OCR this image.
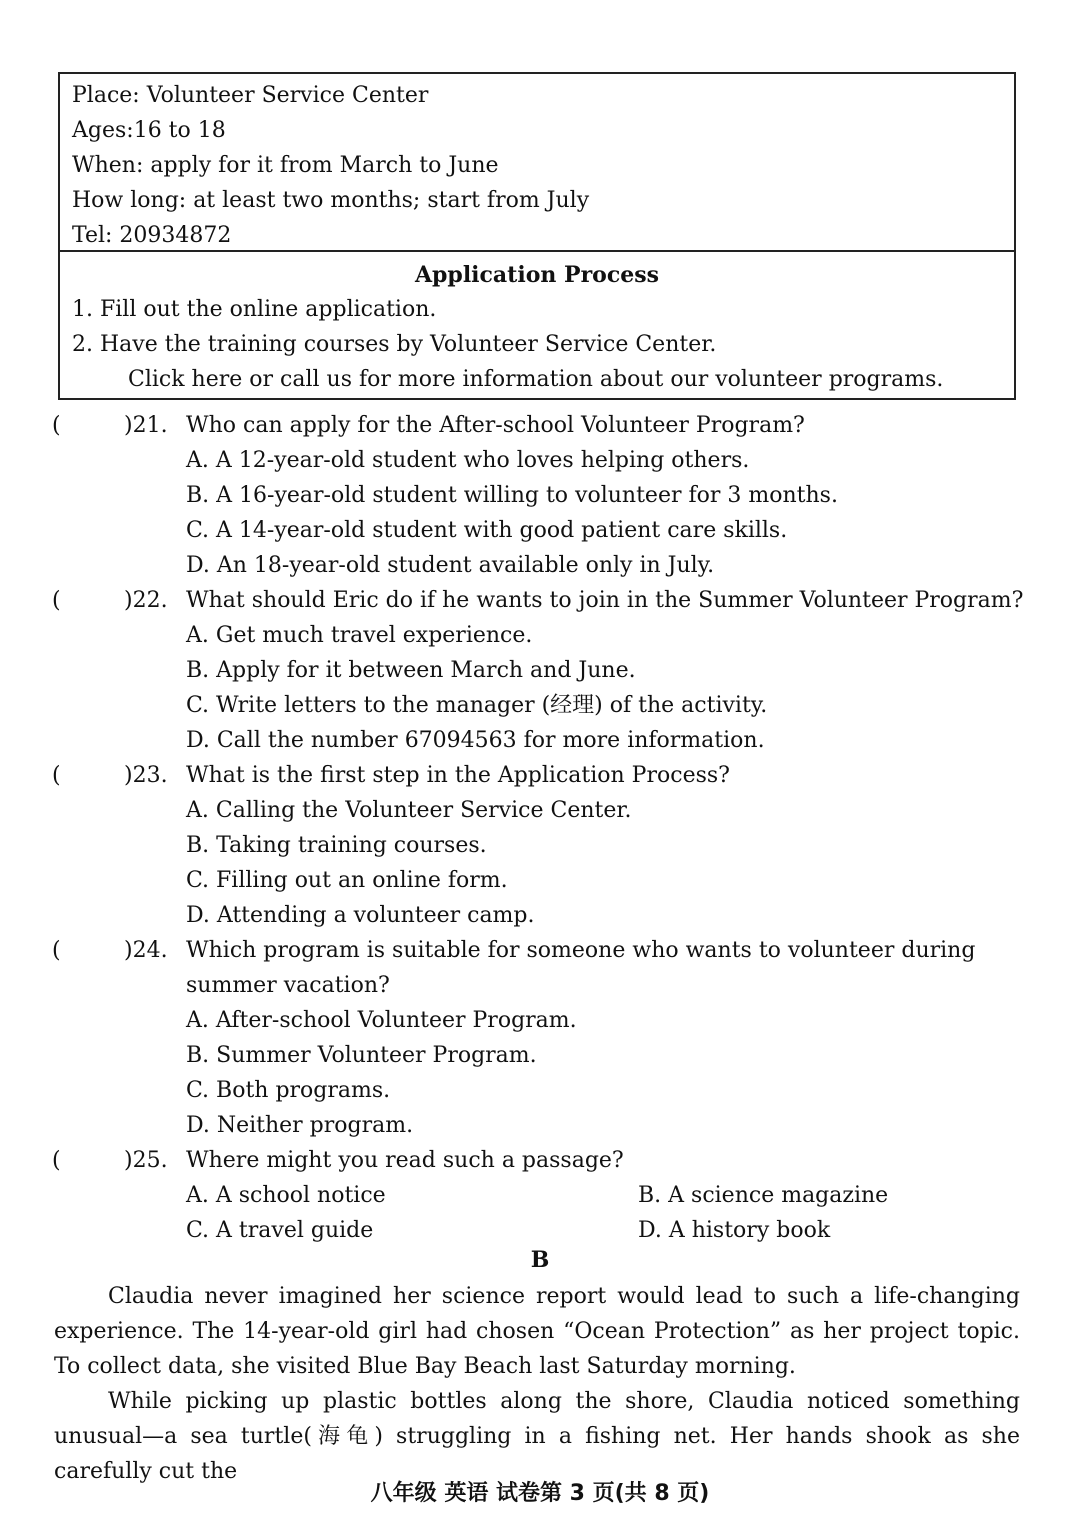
Place: Volunteer Service Center
Ages:16 to 18
When: apply for it from March to June
How long: at least two months; start from July
Tel: 20934872
Application Process
1. Fill out the online application.
2. Have the training courses by Volunteer Service Center.
Click here or call us for more information about our volunteer programs.
(	)21. Who can apply for the After-school Volunteer Program?
A. A 12-year-old student who loves helping others.
B. A 16-year-old student willing to volunteer for 3 months.
C. A 14-year-old student with good patient care skills.
D. An 18-year-old student available only in July.
(	)22. What should Eric do if he wants to join in the Summer Volunteer Program?
A. Get much travel experience.
B. Apply for it between March and June.
C. Write letters to the manager (经理) of the activity.
D. Call the number 67094563 for more information.
(	)23. What is the first step in the Application Process?
A. Calling the Volunteer Service Center.
B. Taking training courses.
C. Filling out an online form.
D. Attending a volunteer camp.
(	)24. Which program is suitable for someone who wants to volunteer during summer vacation?
A. After-school Volunteer Program.
B. Summer Volunteer Program.
C. Both programs.
D. Neither program.
(	)25. Where might you read such a passage?
A. A school notice	B. A science magazine
C. A travel guide	D. A history book
B

Claudia never imagined her science report would lead to such a life-changing experience. The 14-year-old girl had chosen “Ocean Protection” as her project topic. To collect data, she visited Blue Bay Beach last Saturday morning.

While picking up plastic bottles along the shore, Claudia noticed something unusual—a sea turtle(海龟) struggling in a fishing net. Her hands shook as she carefully cut the

八年级 英语 试卷第 3 页(共 8 页)
